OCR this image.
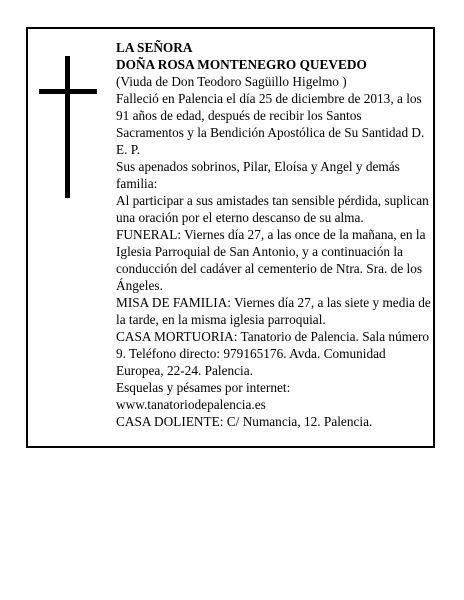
LA SEÑORA

DOÑA ROSA MONTENEGRO QUEVEDO

(Viuda de Don Teodoro Sagüillo Higelmo )

Falleció en Palencia el día 25 de diciembre de 2013, a los 91 años de edad, después de recibir los Santos Sacramentos y la Bendición Apostólica de Su Santidad D. E. P.

Sus apenados sobrinos, Pilar, Eloísa y Angel y demás familia:

Al participar a sus amistades tan sensible pérdida, suplican una oración por el eterno descanso de su alma.

FUNERAL: Viernes día 27, a las once de la mañana, en la Iglesia Parroquial de San Antonio, y a continuación la conducción del cadáver al cementerio de Ntra. Sra. de los Ángeles.

MISA DE FAMILIA: Viernes día 27, a las siete y media de la tarde, en la misma iglesia parroquial.

CASA MORTUORIA: Tanatorio de Palencia. Sala número 9. Teléfono directo: 979165176. Avda. Comunidad Europea, 22-24. Palencia.

Esquelas y pésames por internet: www.tanatoriodepalencia.es

CASA DOLIENTE: C/ Numancia, 12. Palencia.
